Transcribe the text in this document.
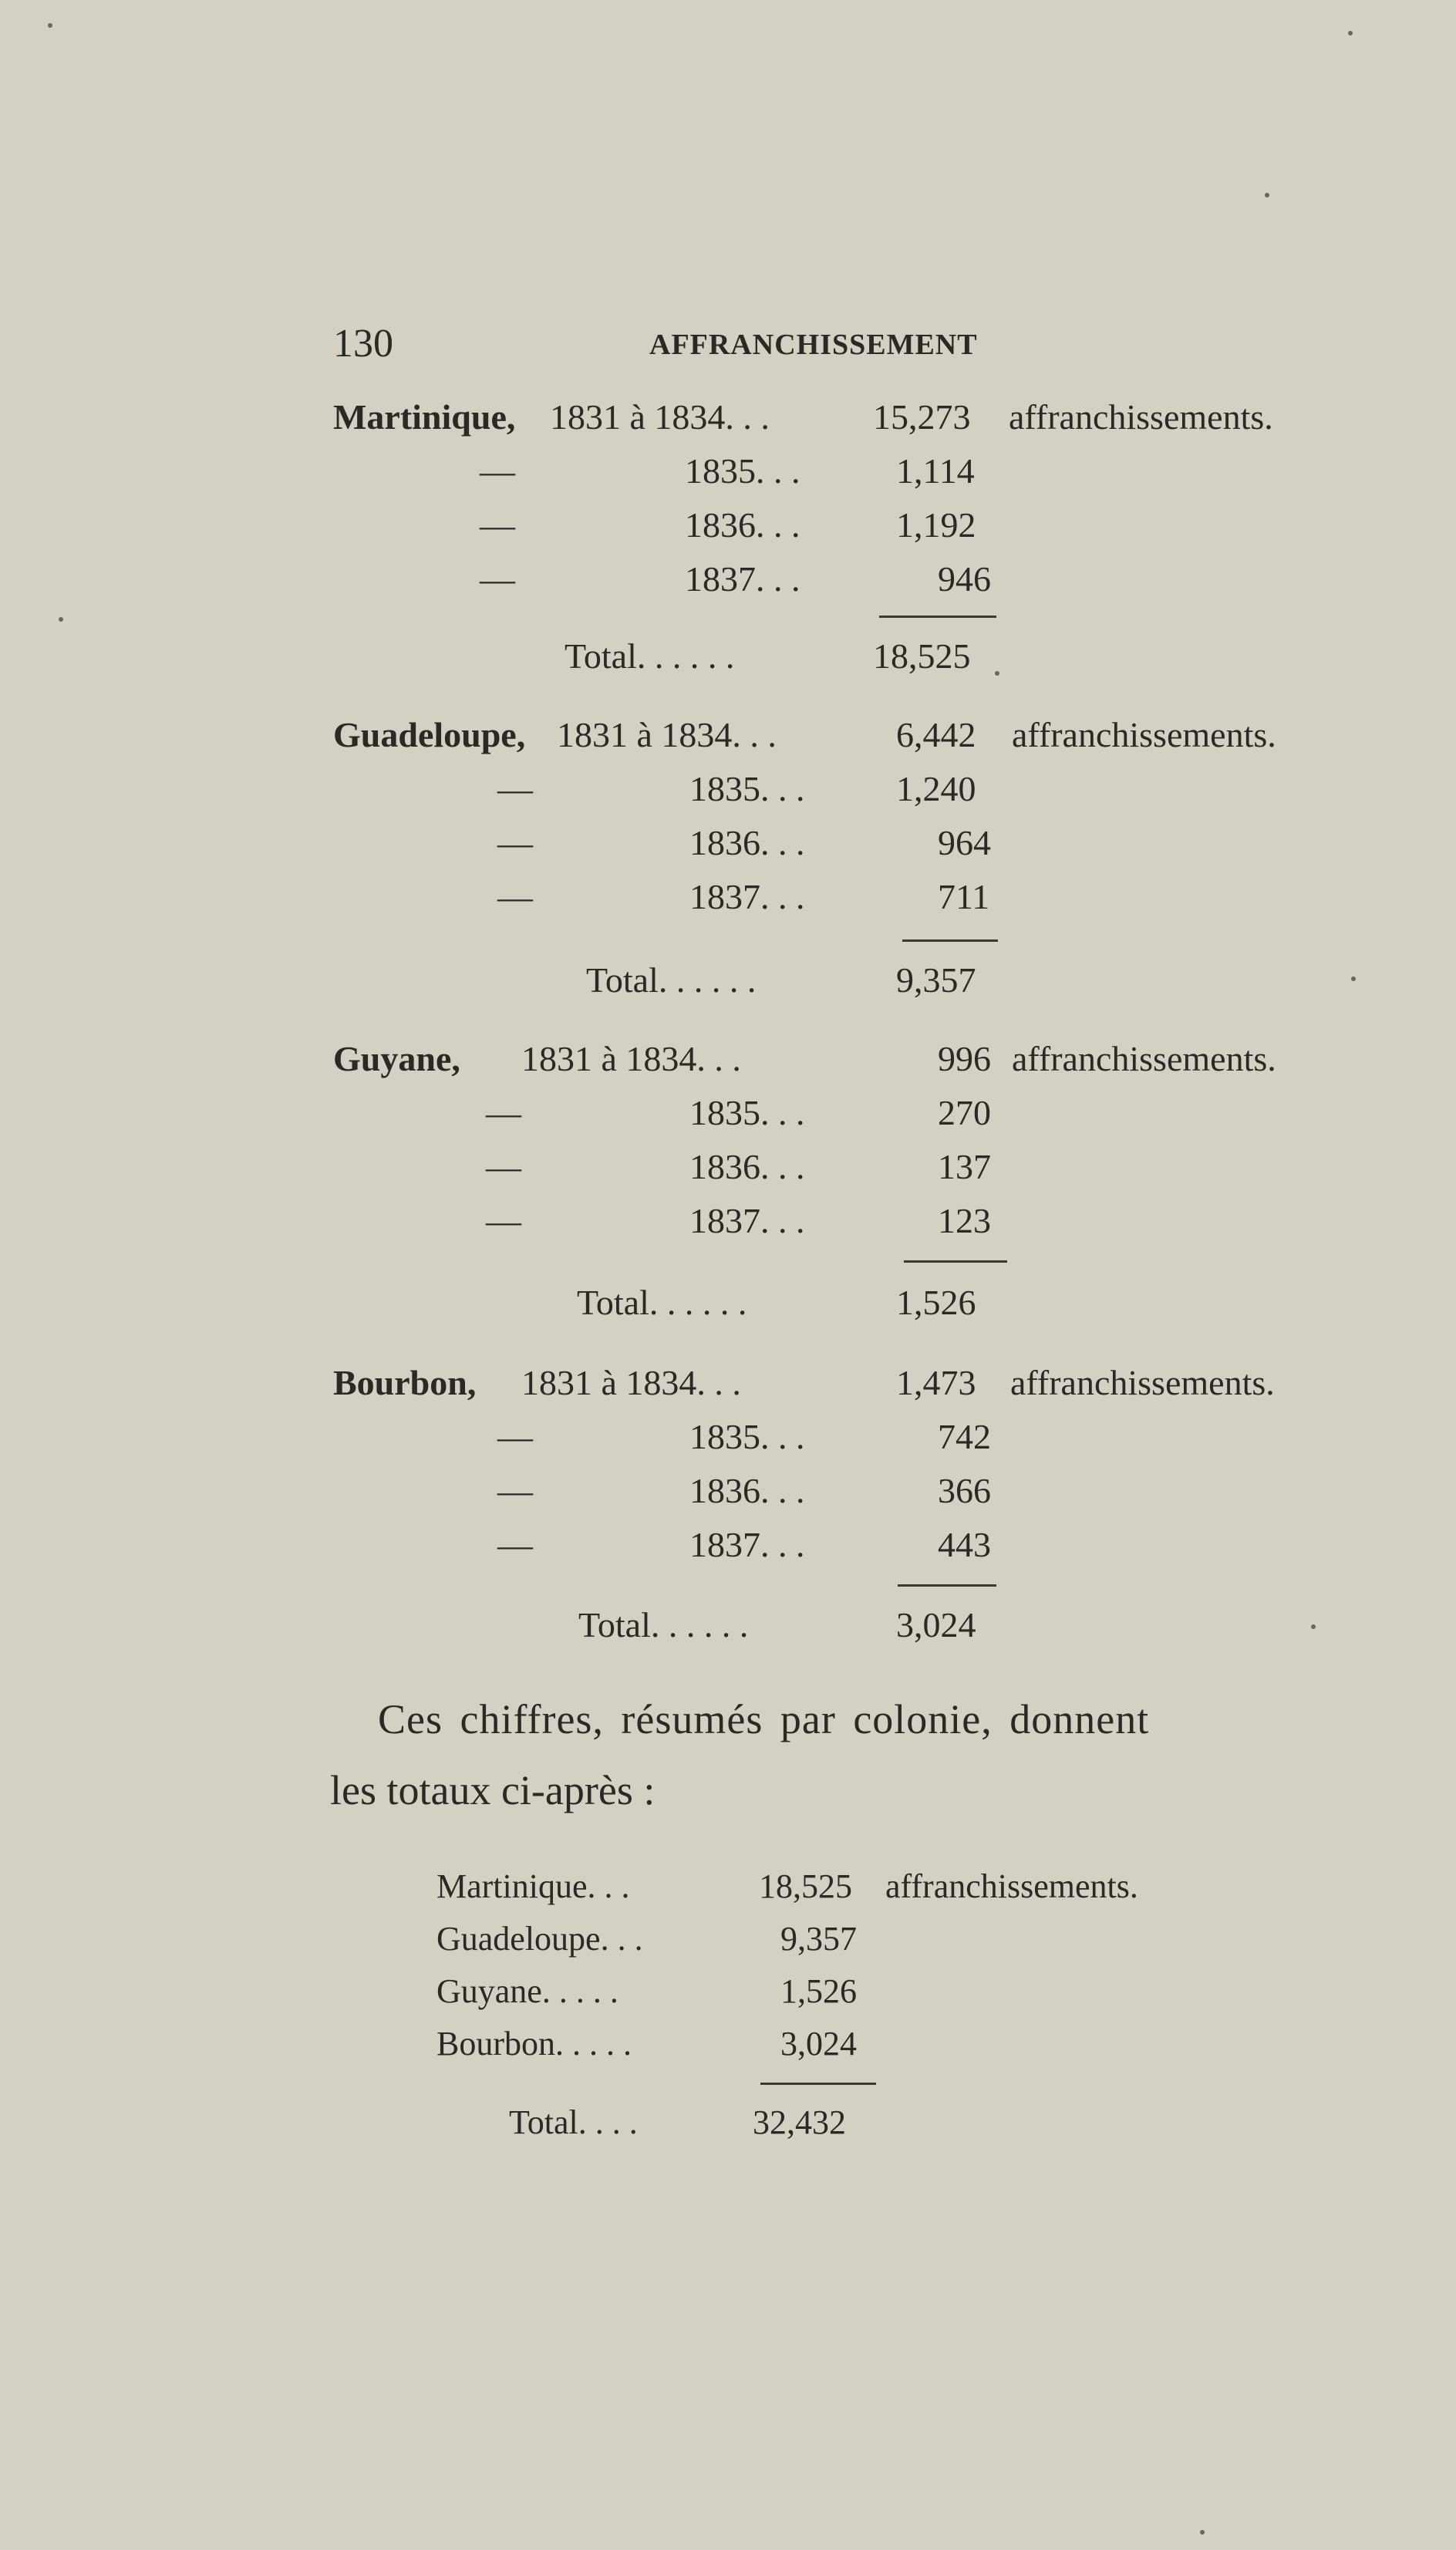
130	AFFRANCHISSEMENT
Martinique, 1831 à 1834. . .	15,273 affranchissements.
—	1835. . .	1,114
—	1836. . .	1,192
—	1837. . .	946
Total. . . . . .	18,525
Guadeloupe, 1831 à 1834. . .	6,442 affranchissements.
—	1835. . .	1,240
—	1836. . .	964
—	1837. . .	711
Total. . . . . .	9,357
Guyane, 1831 à 1834. . .	996 affranchissements.
—	1835. . .	270
—	1836. . .	137
—	1837. . .	123
Total. . . . . .	1,526
Bourbon, 1831 à 1834. . .	1,473 affranchissements.
—	1835. . .	742
—	1836. . .	366
—	1837. . .	443
Total. . . . . .	3,024
Ces chiffres, résumés par colonie, donnent
les totaux ci-après :
Martinique. . .	18,525 affranchissements.
Guadeloupe. . .	9,357
Guyane. . . . .	1,526
Bourbon. . . . .	3,024
Total. . . .	32,432
